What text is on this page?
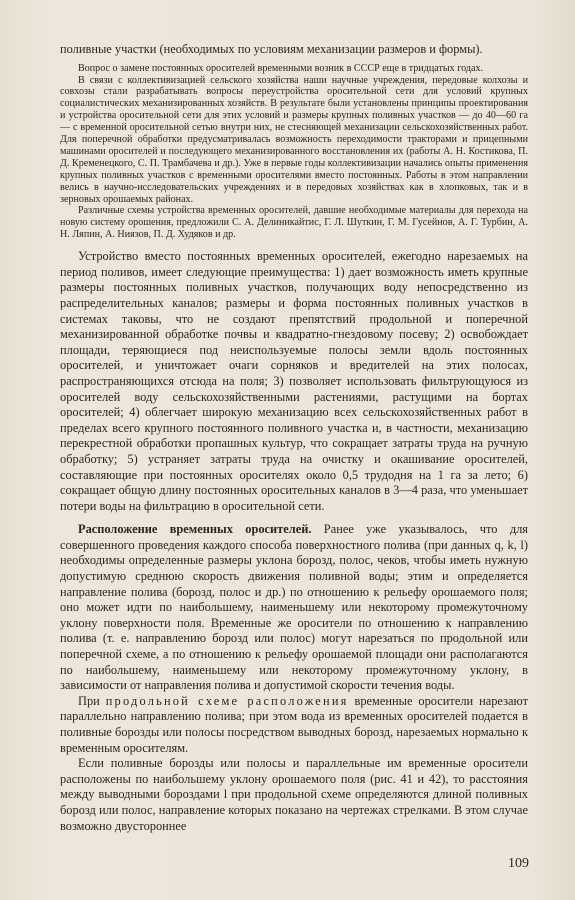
поливные участки (необходимых по условиям механизации размеров и формы).

Вопрос о замене постоянных оросителей временными возник в СССР еще в тридцатых годах.

В связи с коллективизацией сельского хозяйства наши научные учреждения, передовые колхозы и совхозы стали разрабатывать вопросы переустройства оросительной сети для условий крупных социалистических механизированных хозяйств. В результате были установлены принципы проектирования и устройства оросительной сети для этих условий и размеры крупных поливных участков — до 40—60 га — с временной оросительной сетью внутри них, не стесняющей механизации сельскохозяйственных работ. Для поперечной обработки предусматривалась возможность переходимости тракторами и прицепными машинами оросителей и последующего механизированного восстановления их (работы А. Н. Костикова, П. Д. Кременецкого, С. П. Трамбачева и др.). Уже в первые годы коллективизации начались опыты применения крупных поливных участков с временными оросителями вместо постоянных. Работы в этом направлении велись в научно-исследовательских учреждениях и в передовых хозяйствах как в хлопковых, так и в зерновых орошаемых районах.

Различные схемы устройства временных оросителей, давшие необходимые материалы для перехода на новую систему орошения, предложили С. А. Делиникайтис, Г. Л. Шуткин, Г. М. Гусейнов, А. Г. Турбин, А. Н. Ляпин, А. Ниязов, П. Д. Худяков и др.

Устройство вместо постоянных временных оросителей, ежегодно нарезаемых на период поливов, имеет следующие преимущества: 1) дает возможность иметь крупные размеры постоянных поливных участков, получающих воду непосредственно из распределительных каналов; размеры и форма постоянных поливных участков в системах таковы, что не создают препятствий продольной и поперечной механизированной обработке почвы и квадратно-гнездовому посеву; 2) освобождает площади, теряющиеся под неиспользуемые полосы земли вдоль постоянных оросителей, и уничтожает очаги сорняков и вредителей на этих полосах, распространяющихся отсюда на поля; 3) позволяет использовать фильтрующуюся из оросителей воду сельскохозяйственными растениями, растущими на бортах оросителей; 4) облегчает широкую механизацию всех сельскохозяйственных работ в пределах всего крупного постоянного поливного участка и, в частности, механизацию перекрестной обработки пропашных культур, что сокращает затраты труда на ручную обработку; 5) устраняет затраты труда на очистку и окашивание оросителей, составляющие при постоянных оросителях около 0,5 трудодня на 1 га за лето; 6) сокращает общую длину постоянных оросительных каналов в 3—4 раза, что уменьшает потери воды на фильтрацию в оросительной сети.

Расположение временных оросителей. Ранее уже указывалось, что для совершенного проведения каждого способа поверхностного полива (при данных q, k, l) необходимы определенные размеры уклона борозд, полос, чеков, чтобы иметь нужную допустимую среднюю скорость движения поливной воды; этим и определяется направление полива (борозд, полос и др.) по отношению к рельефу орошаемого поля; оно может идти по наибольшему, наименьшему или некоторому промежуточному уклону поверхности поля. Временные же оросители по отношению к направлению полива (т. е. направлению борозд или полос) могут нарезаться по продольной или поперечной схеме, а по отношению к рельефу орошаемой площади они располагаются по наибольшему, наименьшему или некоторому промежуточному уклону, в зависимости от направления полива и допустимой скорости течения воды.

При продольной схеме расположения временные оросители нарезают параллельно направлению полива; при этом вода из временных оросителей подается в поливные борозды или полосы посредством выводных борозд, нарезаемых нормально к временным оросителям.

Если поливные борозды или полосы и параллельные им временные оросители расположены по наибольшему уклону орошаемого поля (рис. 41 и 42), то расстояния между выводными бороздами l при продольной схеме определяются длиной поливных борозд или полос, направление которых показано на чертежах стрелками. В этом случае возможно двустороннее

109
